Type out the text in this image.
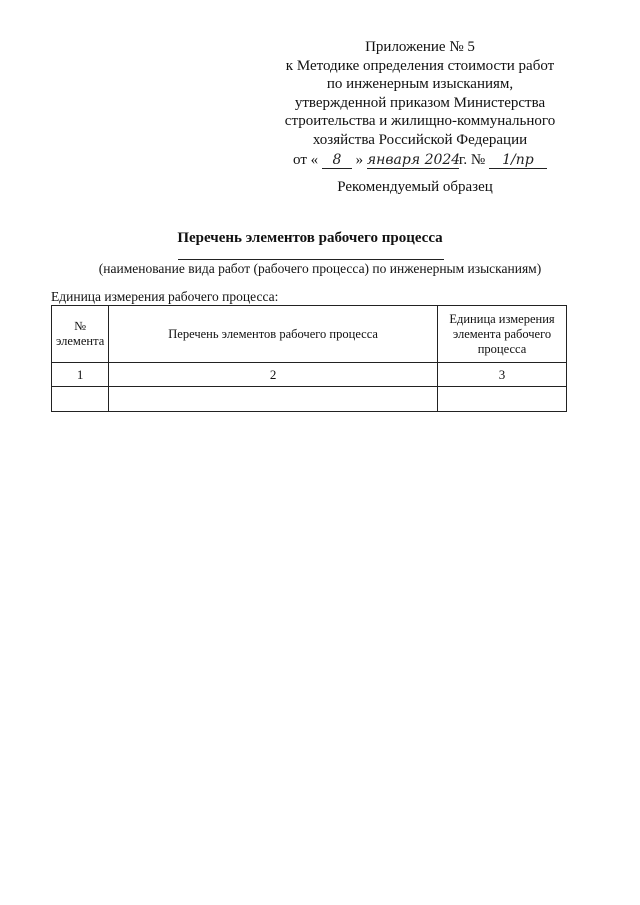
Приложение № 5
к Методике определения стоимости работ
по инженерным изысканиям,
утвержденной приказом Министерства
строительства и жилищно-коммунального
хозяйства Российской Федерации
от « 8 » января 2024г. № 1/пр
Рекомендуемый образец
Перечень элементов рабочего процесса
(наименование вида работ (рабочего процесса) по инженерным изысканиям)
Единица измерения рабочего процесса:
№ элемента	Перечень элементов рабочего процесса	Единица измерения элемента рабочего процесса
1	2	3
